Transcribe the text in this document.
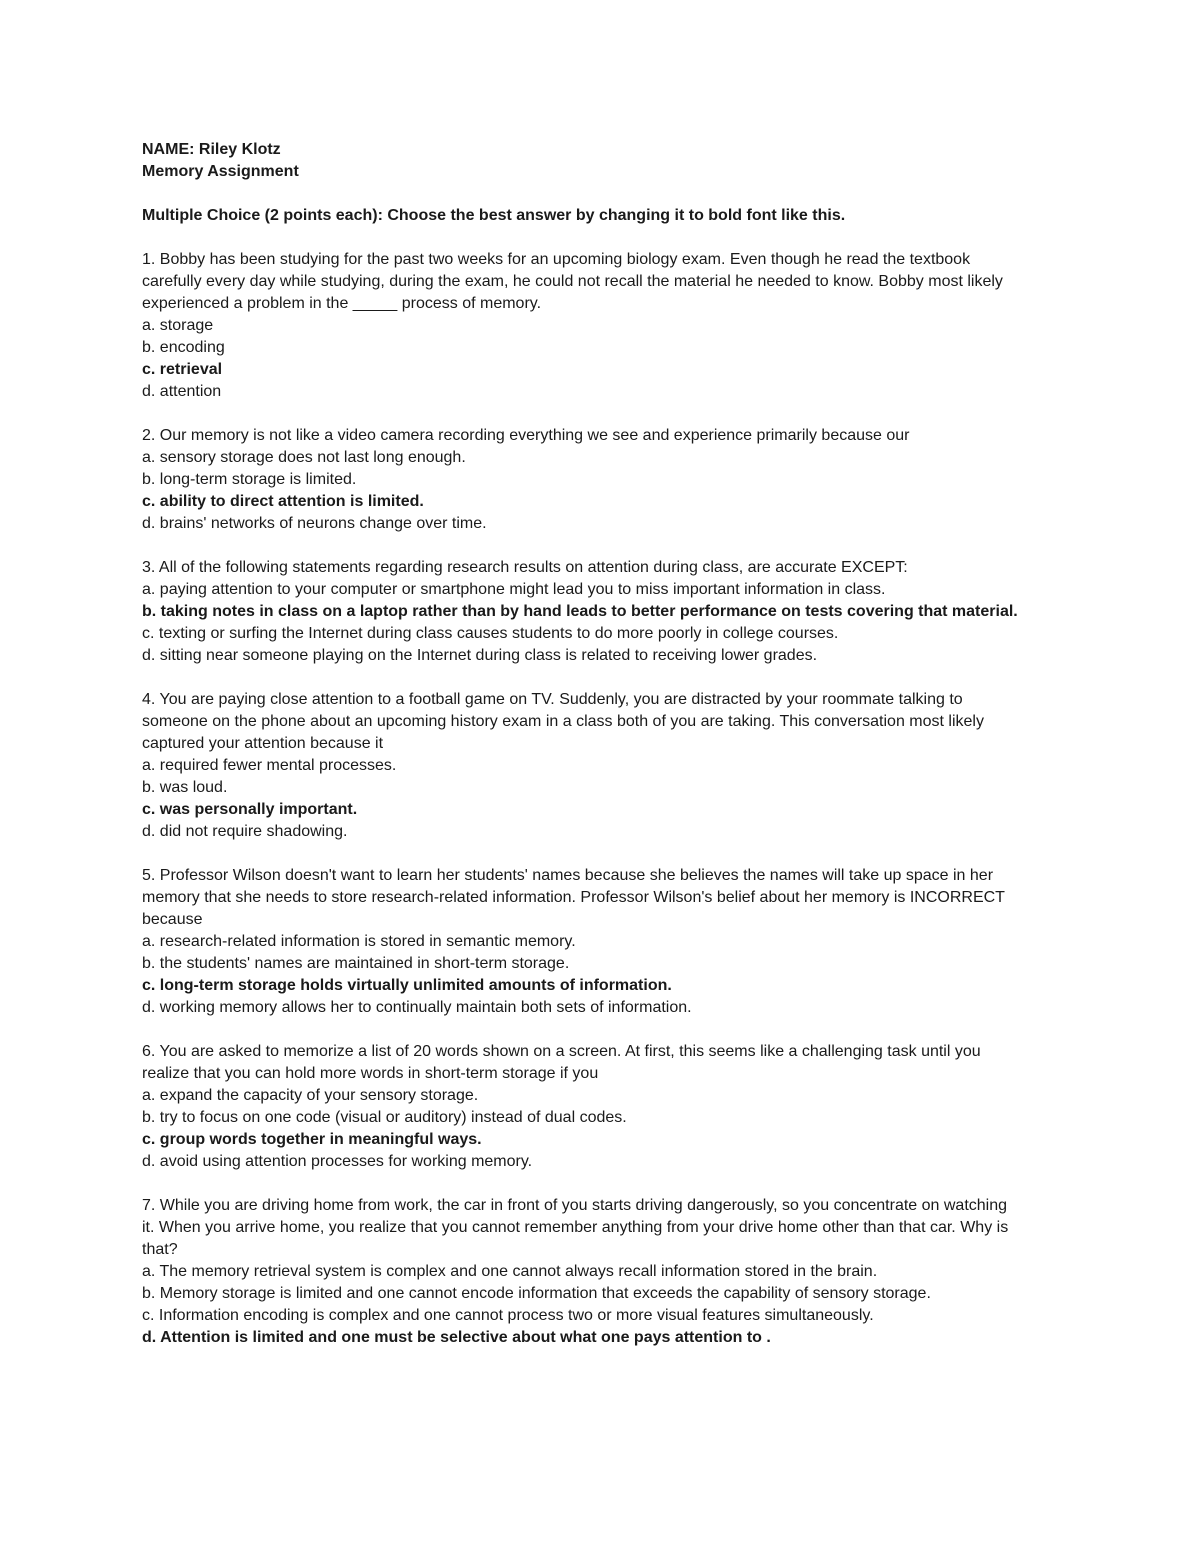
NAME: Riley Klotz
Memory Assignment
Multiple Choice (2 points each): Choose the best answer by changing it to bold font like this.
1. Bobby has been studying for the past two weeks for an upcoming biology exam. Even though he read the textbook
carefully every day while studying, during the exam, he could not recall the material he needed to know. Bobby most likely
experienced a problem in the _____ process of memory.
a. storage
b. encoding
c. retrieval
d. attention
2. Our memory is not like a video camera recording everything we see and experience primarily because our
a. sensory storage does not last long enough.
b. long-term storage is limited.
c. ability to direct attention is limited.
d. brains' networks of neurons change over time.
3. All of the following statements regarding research results on attention during class, are accurate EXCEPT:
a. paying attention to your computer or smartphone might lead you to miss important information in class.
b. taking notes in class on a laptop rather than by hand leads to better performance on tests covering that material.
c. texting or surfing the Internet during class causes students to do more poorly in college courses.
d. sitting near someone playing on the Internet during class is related to receiving lower grades.
4. You are paying close attention to a football game on TV. Suddenly, you are distracted by your roommate talking to
someone on the phone about an upcoming history exam in a class both of you are taking. This conversation most likely
captured your attention because it
a. required fewer mental processes.
b. was loud.
c. was personally important.
d. did not require shadowing.
5. Professor Wilson doesn't want to learn her students' names because she believes the names will take up space in her
memory that she needs to store research-related information. Professor Wilson's belief about her memory is INCORRECT
because
a. research-related information is stored in semantic memory.
b. the students' names are maintained in short-term storage.
c. long-term storage holds virtually unlimited amounts of information.
d. working memory allows her to continually maintain both sets of information.
6. You are asked to memorize a list of 20 words shown on a screen. At first, this seems like a challenging task until you
realize that you can hold more words in short-term storage if you
a. expand the capacity of your sensory storage.
b. try to focus on one code (visual or auditory) instead of dual codes.
c. group words together in meaningful ways.
d. avoid using attention processes for working memory.
7. While you are driving home from work, the car in front of you starts driving dangerously, so you concentrate on watching
it. When you arrive home, you realize that you cannot remember anything from your drive home other than that car. Why is
that?
a. The memory retrieval system is complex and one cannot always recall information stored in the brain.
b. Memory storage is limited and one cannot encode information that exceeds the capability of sensory storage.
c. Information encoding is complex and one cannot process two or more visual features simultaneously.
d. Attention is limited and one must be selective about what one pays attention to .
